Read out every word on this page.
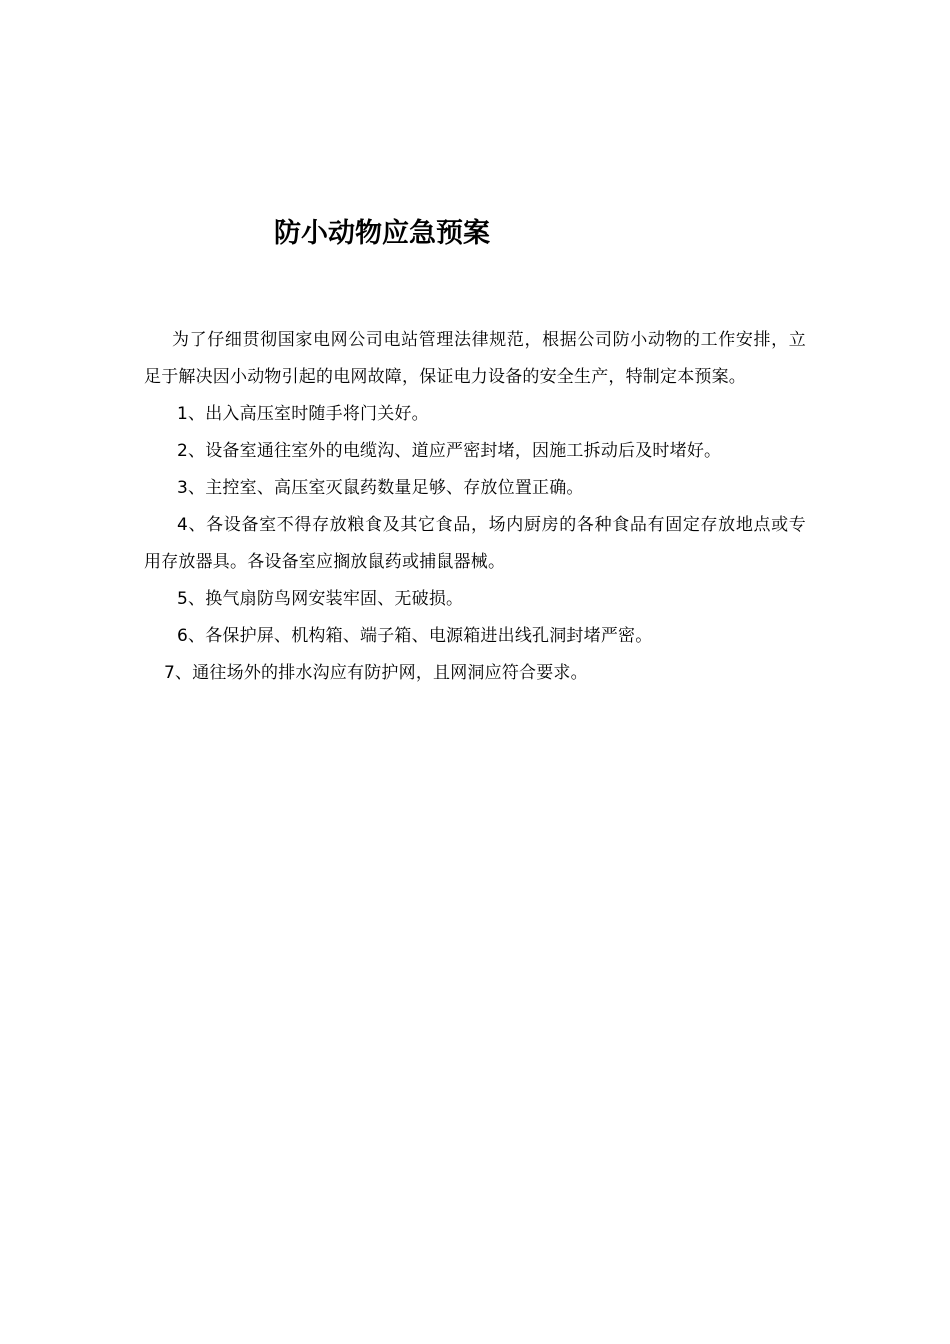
防小动物应急预案

为了仔细贯彻国家电网公司电站管理法律规范，根据公司防小动物的工作安排，立足于解决因小动物引起的电网故障，保证电力设备的安全生产，特制定本预案。

1、出入高压室时随手将门关好。

2、设备室通往室外的电缆沟、道应严密封堵，因施工拆动后及时堵好。

3、主控室、高压室灭鼠药数量足够、存放位置正确。

4、各设备室不得存放粮食及其它食品，场内厨房的各种食品有固定存放地点或专用存放器具。各设备室应搁放鼠药或捕鼠器械。

5、换气扇防鸟网安装牢固、无破损。

6、各保护屏、机构箱、端子箱、电源箱进出线孔洞封堵严密。

7、通往场外的排水沟应有防护网，且网洞应符合要求。
